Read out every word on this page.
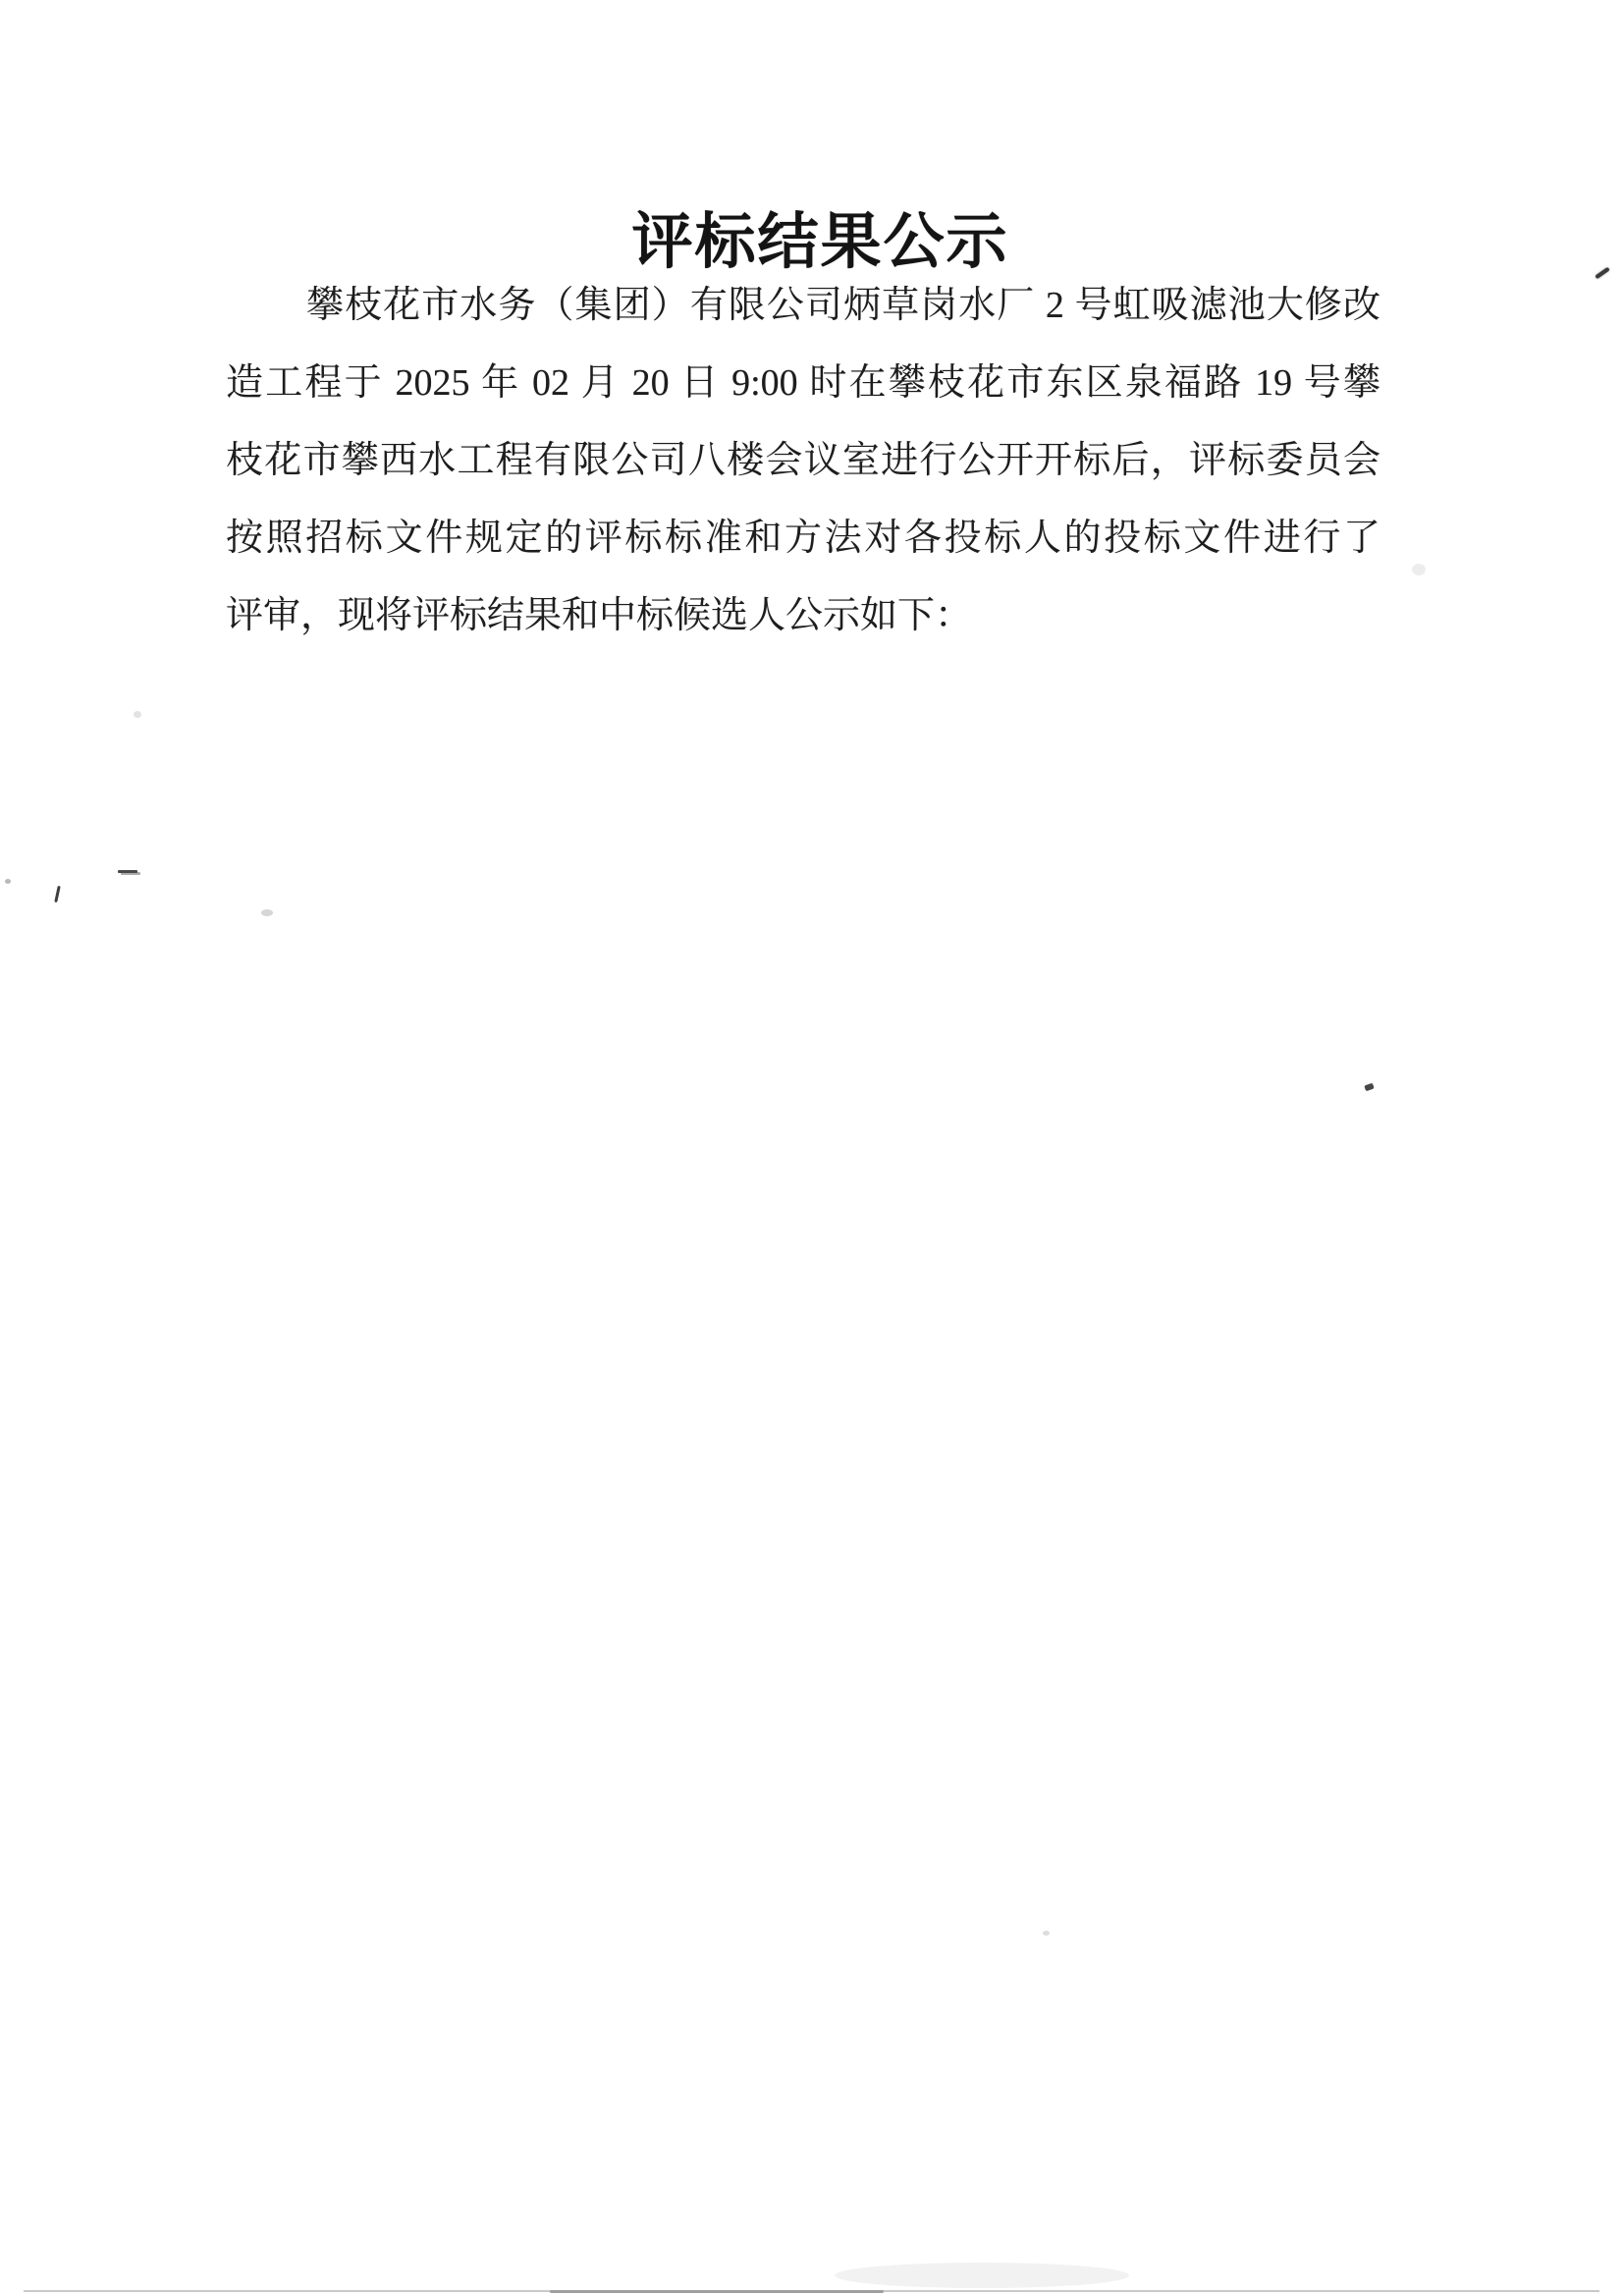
评标结果公示
攀枝花市水务（集团）有限公司炳草岗水厂 2 号虹吸滤池大修改
造工程于 2025 年 02 月 20 日 9:00 时在攀枝花市东区泉福路 19 号攀
枝花市攀西水工程有限公司八楼会议室进行公开开标后，评标委员会
按照招标文件规定的评标标准和方法对各投标人的投标文件进行了
评审，现将评标结果和中标候选人公示如下：
